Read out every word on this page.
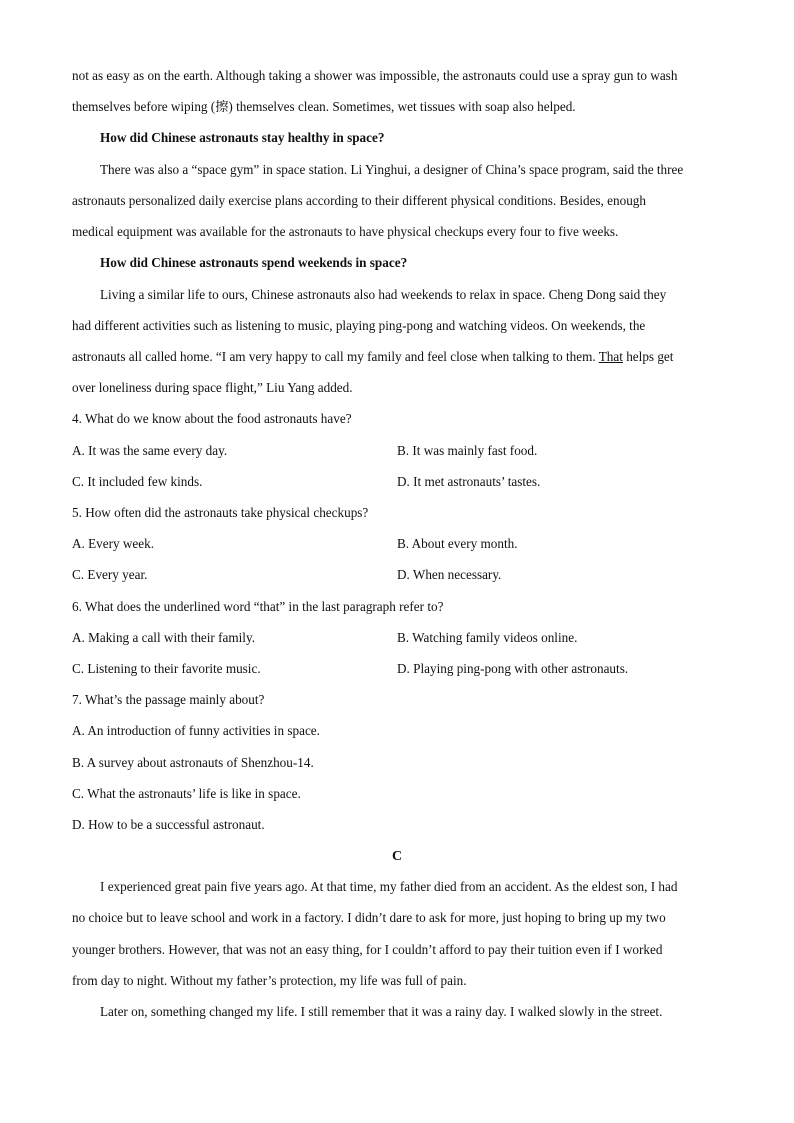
not as easy as on the earth. Although taking a shower was impossible, the astronauts could use a spray gun to wash
themselves before wiping (擦) themselves clean. Sometimes, wet tissues with soap also helped.
How did Chinese astronauts stay healthy in space?
There was also a “space gym” in space station. Li Yinghui, a designer of China’s space program, said the three
astronauts personalized daily exercise plans according to their different physical conditions. Besides, enough
medical equipment was available for the astronauts to have physical checkups every four to five weeks.
How did Chinese astronauts spend weekends in space?
Living a similar life to ours, Chinese astronauts also had weekends to relax in space. Cheng Dong said they
had different activities such as listening to music, playing ping-pong and watching videos. On weekends, the
astronauts all called home. “I am very happy to call my family and feel close when talking to them. That helps get
over loneliness during space flight,” Liu Yang added.
4. What do we know about the food astronauts have?
A. It was the same every day.	B. It was mainly fast food.
C. It included few kinds.	D. It met astronauts’ tastes.
5. How often did the astronauts take physical checkups?
A. Every week.	B. About every month.
C. Every year.	D. When necessary.
6. What does the underlined word “that” in the last paragraph refer to?
A. Making a call with their family.	B. Watching family videos online.
C. Listening to their favorite music.	D. Playing ping-pong with other astronauts.
7. What’s the passage mainly about?
A. An introduction of funny activities in space.
B. A survey about astronauts of Shenzhou-14.
C. What the astronauts’ life is like in space.
D. How to be a successful astronaut.
C
I experienced great pain five years ago. At that time, my father died from an accident. As the eldest son, I had
no choice but to leave school and work in a factory. I didn’t dare to ask for more, just hoping to bring up my two
younger brothers. However, that was not an easy thing, for I couldn’t afford to pay their tuition even if I worked
from day to night. Without my father’s protection, my life was full of pain.
Later on, something changed my life. I still remember that it was a rainy day. I walked slowly in the street.
